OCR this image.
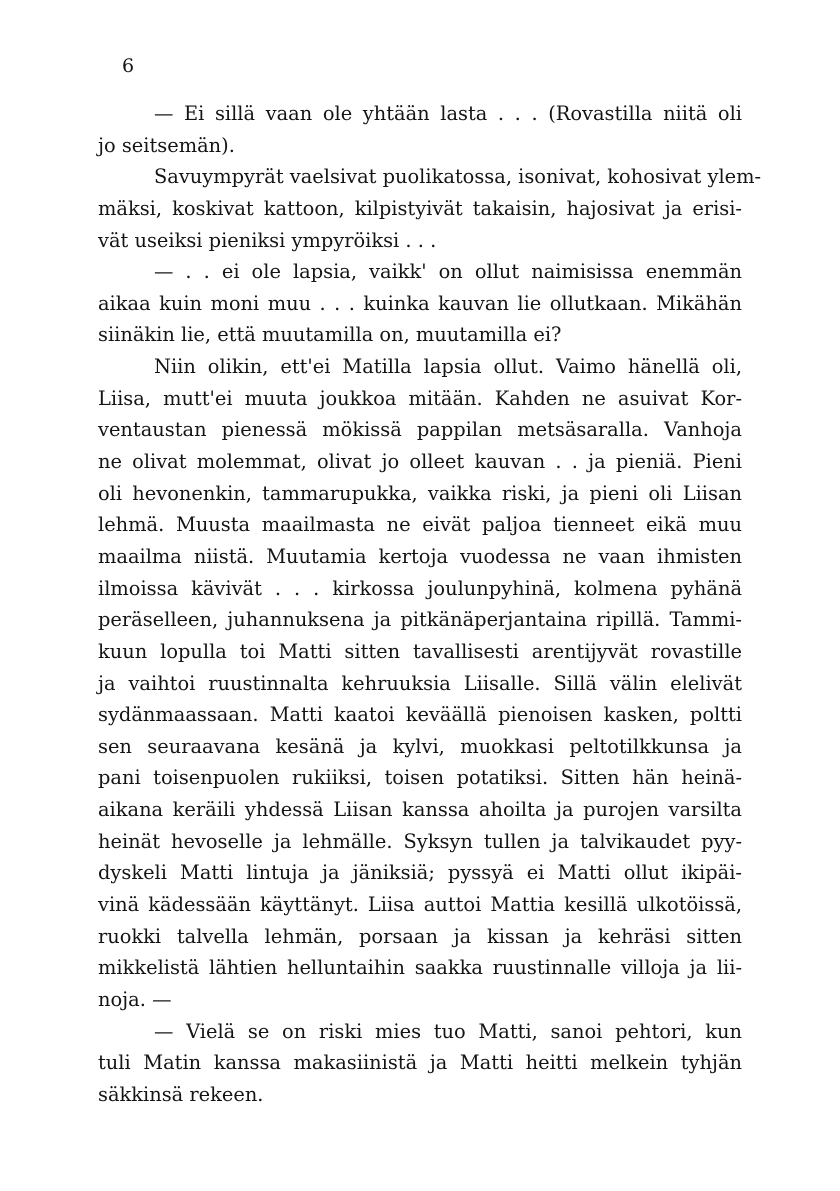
6
— Ei sillä vaan ole yhtään lasta . . . (Rovastilla niitä oli
jo seitsemän).
Savuympyrät vaelsivat puolikatossa, isonivat, kohosivat ylem-
mäksi, koskivat kattoon, kilpistyivät takaisin, hajosivat ja erisi-
vät useiksi pieniksi ympyröiksi . . .
— . . ei ole lapsia, vaikk' on ollut naimisissa enemmän
aikaa kuin moni muu . . . kuinka kauvan lie ollutkaan. Mikähän
siinäkin lie, että muutamilla on, muutamilla ei?
Niin olikin, ett'ei Matilla lapsia ollut. Vaimo hänellä oli,
Liisa, mutt'ei muuta joukkoa mitään. Kahden ne asuivat Kor-
ventaustan pienessä mökissä pappilan metsäsaralla. Vanhoja
ne olivat molemmat, olivat jo olleet kauvan . . ja pieniä. Pieni
oli hevonenkin, tammarupukka, vaikka riski, ja pieni oli Liisan
lehmä. Muusta maailmasta ne eivät paljoa tienneet eikä muu
maailma niistä. Muutamia kertoja vuodessa ne vaan ihmisten
ilmoissa kävivät . . . kirkossa joulunpyhinä, kolmena pyhänä
peräselleen, juhannuksena ja pitkänäperjantaina ripillä. Tammi-
kuun lopulla toi Matti sitten tavallisesti arentijyvät rovastille
ja vaihtoi ruustinnalta kehruuksia Liisalle. Sillä välin elelivät
sydänmaassaan. Matti kaatoi keväällä pienoisen kasken, poltti
sen seuraavana kesänä ja kylvi, muokkasi peltotilkkunsa ja
pani toisenpuolen rukiiksi, toisen potatiksi. Sitten hän heinä-
aikana keräili yhdessä Liisan kanssa ahoilta ja purojen varsilta
heinät hevoselle ja lehmälle. Syksyn tullen ja talvikaudet pyy-
dyskeli Matti lintuja ja jäniksiä; pyssyä ei Matti ollut ikipäi-
vinä kädessään käyttänyt. Liisa auttoi Mattia kesillä ulkotöissä,
ruokki talvella lehmän, porsaan ja kissan ja kehräsi sitten
mikkelistä lähtien helluntaihin saakka ruustinnalle villoja ja lii-
noja. —
— Vielä se on riski mies tuo Matti, sanoi pehtori, kun
tuli Matin kanssa makasiinistä ja Matti heitti melkein tyhjän
säkkinsä rekeen.
